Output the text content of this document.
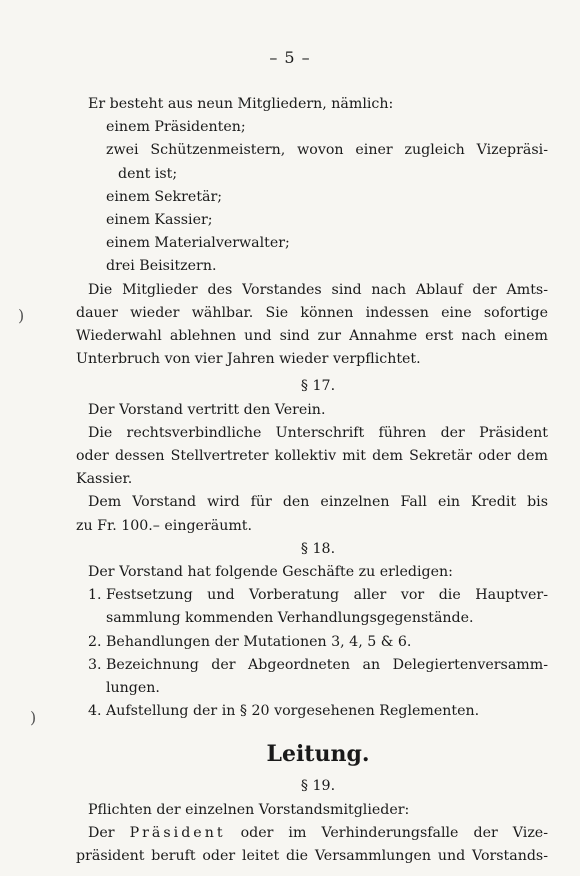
– 5 –
)
)

Er besteht aus neun Mitgliedern, nämlich:

einem Präsidenten;

zwei Schützenmeistern, wovon einer zugleich Vizepräsi-

dent ist;

einem Sekretär;

einem Kassier;

einem Materialverwalter;

drei Beisitzern.

Die Mitglieder des Vorstandes sind nach Ablauf der Amts-

dauer wieder wählbar. Sie können indessen eine sofortige

Wiederwahl ablehnen und sind zur Annahme erst nach einem

Unterbruch von vier Jahren wieder verpflichtet.

§ 17.

Der Vorstand vertritt den Verein.

Die rechtsverbindliche Unterschrift führen der Präsident

oder dessen Stellvertreter kollektiv mit dem Sekretär oder dem

Kassier.

Dem Vorstand wird für den einzelnen Fall ein Kredit bis

zu Fr. 100.– eingeräumt.

§ 18.

Der Vorstand hat folgende Geschäfte zu erledigen:

1. Festsetzung und Vorberatung aller vor die Hauptver-
sammlung kommenden Verhandlungsgegenstände.
2. Behandlungen der Mutationen 3, 4, 5 & 6.
3. Bezeichnung der Abgeordneten an Delegiertenversamm-
lungen.
4. Aufstellung der in § 20 vorgesehenen Reglementen.
Leitung.

§ 19.

Pflichten der einzelnen Vorstandsmitglieder:

Der Präsident oder im Verhinderungsfalle der Vize-

präsident beruft oder leitet die Versammlungen und Vorstands-
